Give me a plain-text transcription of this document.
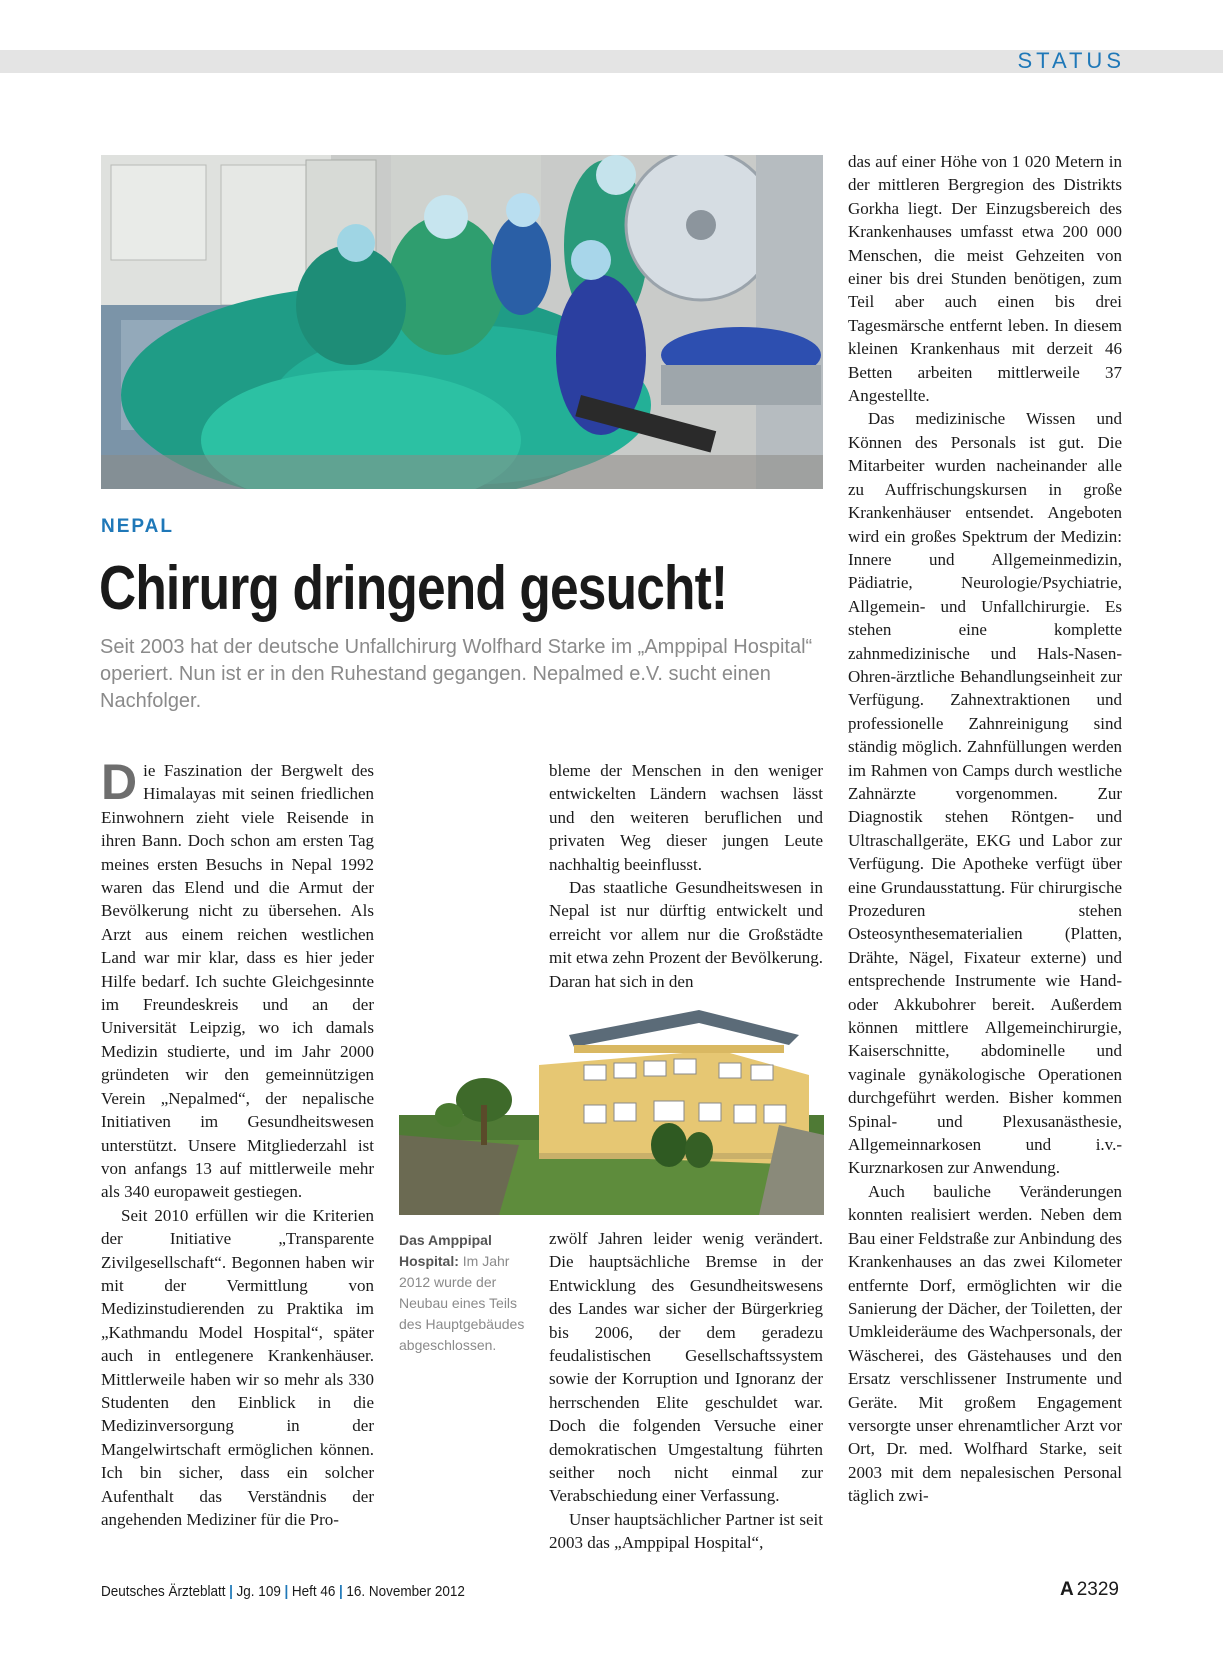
STATUS
NEPAL
Chirurg dringend gesucht!
Seit 2003 hat der deutsche Unfallchirurg Wolfhard Starke im „Amppipal Hospital“ operiert. Nun ist er in den Ruhestand gegangen. Nepalmed e.V. sucht einen Nachfolger.
D ie Faszination der Bergwelt des Himalayas mit seinen friedlichen Einwohnern zieht viele Reisende in ihren Bann. Doch schon am ersten Tag meines ersten Besuchs in Nepal 1992 waren das Elend und die Armut der Bevölkerung nicht zu übersehen. Als Arzt aus einem reichen westlichen Land war mir klar, dass es hier jeder Hilfe bedarf. Ich suchte Gleichgesinnte im Freundeskreis und an der Universität Leipzig, wo ich damals Medizin studierte, und im Jahr 2000 gründeten wir den gemeinnützigen Verein „Nepalmed“, der nepalische Initiativen im Gesundheitswesen unterstützt. Unsere Mitgliederzahl ist von anfangs 13 auf mittlerweile mehr als 340 europaweit gestiegen.

Seit 2010 erfüllen wir die Kriterien der Initiative „Transparente Zivilgesellschaft“. Begonnen haben wir mit der Vermittlung von Medizinstudierenden zu Praktika im „Kathmandu Model Hospital“, später auch in entlegenere Krankenhäuser. Mittlerweile haben wir so mehr als 330 Studenten den Einblick in die Medizinversorgung in der Mangelwirtschaft ermöglichen können. Ich bin sicher, dass ein solcher Aufenthalt das Verständnis der angehenden Mediziner für die Pro-

bleme der Menschen in den weniger entwickelten Ländern wachsen lässt und den weiteren beruflichen und privaten Weg dieser jungen Leute nachhaltig beeinflusst.

Das staatliche Gesundheitswesen in Nepal ist nur dürftig entwickelt und erreicht vor allem nur die Großstädte mit etwa zehn Prozent der Bevölkerung. Daran hat sich in den

Das Amppipal Hospital: Im Jahr 2012 wurde der Neubau eines Teils des Hauptgebäudes abgeschlossen.

zwölf Jahren leider wenig verändert. Die hauptsächliche Bremse in der Entwicklung des Gesundheitswesens des Landes war sicher der Bürgerkrieg bis 2006, der dem geradezu feudalistischen Gesellschaftssystem sowie der Korruption und Ignoranz der herrschenden Elite geschuldet war. Doch die folgenden Versuche einer demokratischen Umgestaltung führten seither noch nicht einmal zur Verabschiedung einer Verfassung.

Unser hauptsächlicher Partner ist seit 2003 das „Amppipal Hospital“,

das auf einer Höhe von 1 020 Metern in der mittleren Bergregion des Distrikts Gorkha liegt. Der Einzugsbereich des Krankenhauses umfasst etwa 200 000 Menschen, die meist Gehzeiten von einer bis drei Stunden benötigen, zum Teil aber auch einen bis drei Tagesmärsche entfernt leben. In diesem kleinen Krankenhaus mit derzeit 46 Betten arbeiten mittlerweile 37 Angestellte.

Das medizinische Wissen und Können des Personals ist gut. Die Mitarbeiter wurden nacheinander alle zu Auffrischungskursen in große Krankenhäuser entsendet. Angeboten wird ein großes Spektrum der Medizin: Innere und Allgemeinmedizin, Pädiatrie, Neurologie/Psychiatrie, Allgemein- und Unfallchirurgie. Es stehen eine komplette zahnmedizinische und Hals-Nasen-Ohren-ärztliche Behandlungseinheit zur Verfügung. Zahnextraktionen und professionelle Zahnreinigung sind ständig möglich. Zahnfüllungen werden im Rahmen von Camps durch westliche Zahnärzte vorgenommen. Zur Diagnostik stehen Röntgen- und Ultraschallgeräte, EKG und Labor zur Verfügung. Die Apotheke verfügt über eine Grundausstattung. Für chirurgische Prozeduren stehen Osteosynthesematerialien (Platten, Drähte, Nägel, Fixateur externe) und entsprechende Instrumente wie Hand- oder Akkubohrer bereit. Außerdem können mittlere Allgemeinchirurgie, Kaiserschnitte, abdominelle und vaginale gynäkologische Operationen durchgeführt werden. Bisher kommen Spinal- und Plexusanästhesie, Allgemeinnarkosen und i.v.-Kurznarkosen zur Anwendung.

Auch bauliche Veränderungen konnten realisiert werden. Neben dem Bau einer Feldstraße zur Anbindung des Krankenhauses an das zwei Kilometer entfernte Dorf, ermöglichten wir die Sanierung der Dächer, der Toiletten, der Umkleideräume des Wachpersonals, der Wäscherei, des Gästehauses und den Ersatz verschlissener Instrumente und Geräte. Mit großem Engagement versorgte unser ehrenamtlicher Arzt vor Ort, Dr. med. Wolfhard Starke, seit 2003 mit dem nepalesischen Personal täglich zwi-

Deutsches Ärzteblatt | Jg. 109 | Heft 46 | 16. November 2012	A 2329
